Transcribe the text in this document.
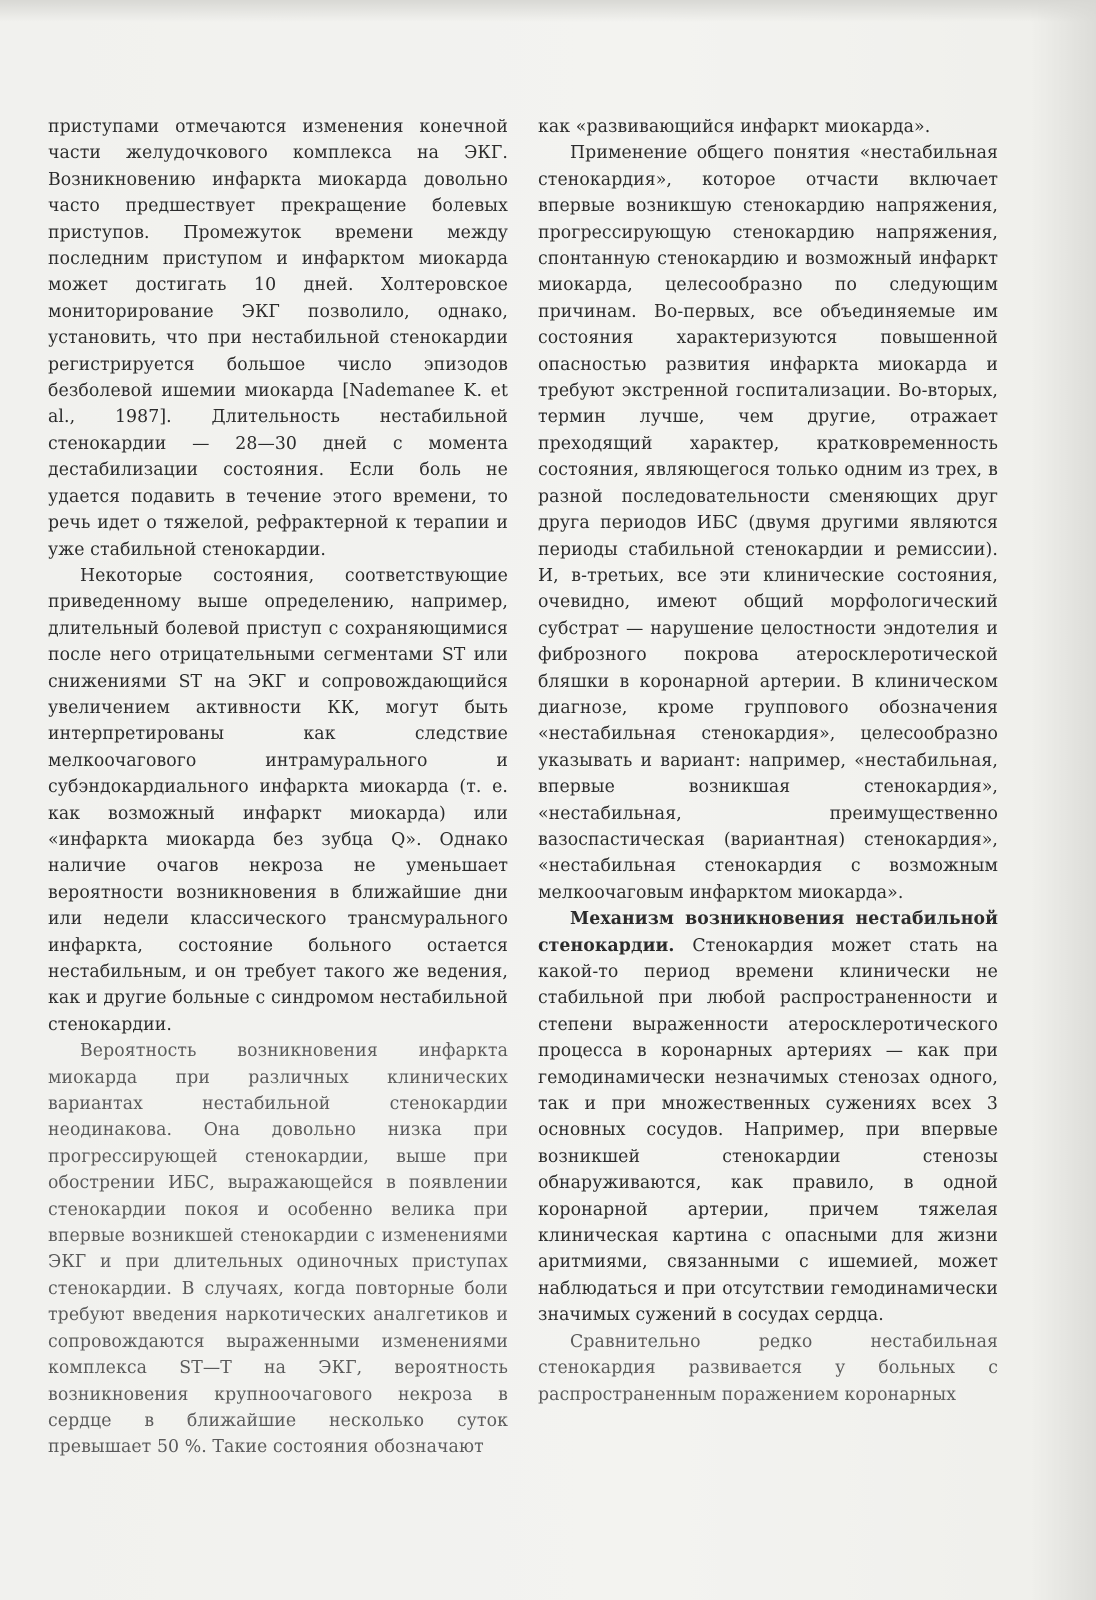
приступами отмечаются изменения конечной части желудочкового комплекса на ЭКГ. Возникновению инфаркта миокарда довольно часто предшествует прекращение болевых приступов. Промежуток времени между последним приступом и инфарктом миокарда может достигать 10 дней. Холтеровское мониторирование ЭКГ позволило, однако, установить, что при нестабильной стенокардии регистрируется большое число эпизодов безболевой ишемии миокарда [Nademanee K. et al., 1987]. Длительность нестабильной стенокардии — 28—30 дней с момента дестабилизации состояния. Если боль не удается подавить в течение этого времени, то речь идет о тяжелой, рефрактерной к терапии и уже стабильной стенокардии.

Некоторые состояния, соответствующие приведенному выше определению, например, длительный болевой приступ с сохраняющимися после него отрицательными сегментами ST или снижениями ST на ЭКГ и сопровождающийся увеличением активности КК, могут быть интерпретированы как следствие мелкоочагового интрамурального и субэндокардиального инфаркта миокарда (т. е. как возможный инфаркт миокарда) или «инфаркта миокарда без зубца Q». Однако наличие очагов некроза не уменьшает вероятности возникновения в ближайшие дни или недели классического трансмурального инфаркта, состояние больного остается нестабильным, и он требует такого же ведения, как и другие больные с синдромом нестабильной стенокардии.

Вероятность возникновения инфаркта миокарда при различных клинических вариантах нестабильной стенокардии неодинакова. Она довольно низка при прогрессирующей стенокардии, выше при обострении ИБС, выражающейся в появлении стенокардии покоя и особенно велика при впервые возникшей стенокардии с изменениями ЭКГ и при длительных одиночных приступах стенокардии. В случаях, когда повторные боли требуют введения наркотических аналгетиков и сопровождаются выраженными изменениями комплекса ST—T на ЭКГ, вероятность возникновения крупноочагового некроза в сердце в ближайшие несколько суток превышает 50 %. Такие состояния обозначают

как «развивающийся инфаркт миокарда».

Применение общего понятия «нестабильная стенокардия», которое отчасти включает впервые возникшую стенокардию напряжения, прогрессирующую стенокардию напряжения, спонтанную стенокардию и возможный инфаркт миокарда, целесообразно по следующим причинам. Во-первых, все объединяемые им состояния характеризуются повышенной опасностью развития инфаркта миокарда и требуют экстренной госпитализации. Во-вторых, термин лучше, чем другие, отражает преходящий характер, кратковременность состояния, являющегося только одним из трех, в разной последовательности сменяющих друг друга периодов ИБС (двумя другими являются периоды стабильной стенокардии и ремиссии). И, в-третьих, все эти клинические состояния, очевидно, имеют общий морфологический субстрат — нарушение целостности эндотелия и фиброзного покрова атеросклеротической бляшки в коронарной артерии. В клиническом диагнозе, кроме группового обозначения «нестабильная стенокардия», целесообразно указывать и вариант: например, «нестабильная, впервые возникшая стенокардия», «нестабильная, преимущественно вазоспастическая (вариантная) стенокардия», «нестабильная стенокардия с возможным мелкоочаговым инфарктом миокарда».

Механизм возникновения нестабильной стенокардии. Стенокардия может стать на какой-то период времени клинически не стабильной при любой распространенности и степени выраженности атеросклеротического процесса в коронарных артериях — как при гемодинамически незначимых стенозах одного, так и при множественных сужениях всех 3 основных сосудов. Например, при впервые возникшей стенокардии стенозы обнаруживаются, как правило, в одной коронарной артерии, причем тяжелая клиническая картина с опасными для жизни аритмиями, связанными с ишемией, может наблюдаться и при отсутствии гемодинамически значимых сужений в сосудах сердца.

Сравнительно редко нестабильная стенокардия развивается у больных с распространенным поражением коронарных
